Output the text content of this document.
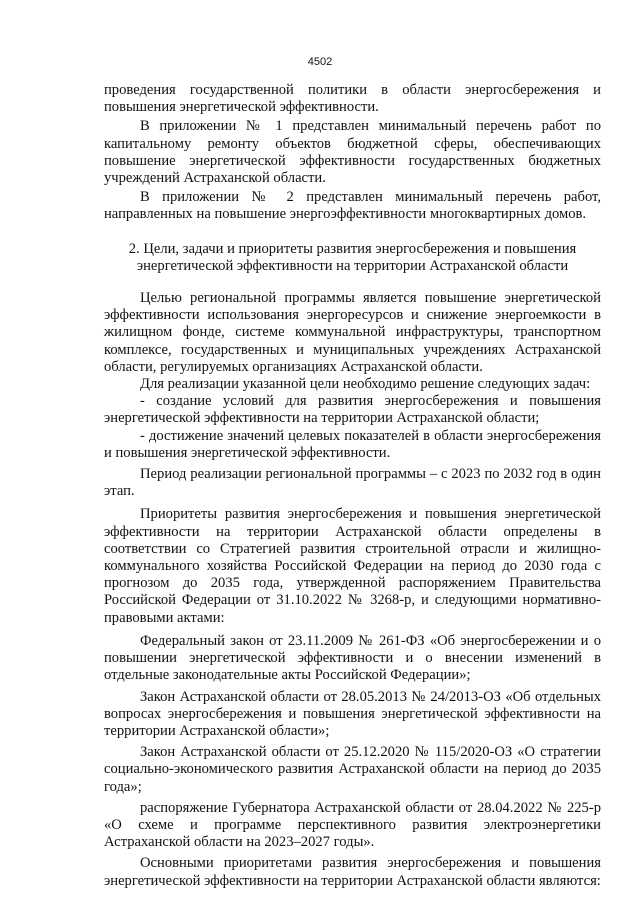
4502

проведения государственной политики в области энергосбережения и повышения энергетической эффективности.

В приложении № 1 представлен минимальный перечень работ по капитальному ремонту объектов бюджетной сферы, обеспечивающих повышение энергетической эффективности государственных бюджетных учреждений Астраханской области.

В приложении № 2 представлен минимальный перечень работ, направленных на повышение энергоэффективности многоквартирных домов.

2. Цели, задачи и приоритеты развития энергосбережения и повышения
энергетической эффективности на территории Астраханской области

Целью региональной программы является повышение энергетической эффективности использования энергоресурсов и снижение энергоемкости в жилищном фонде, системе коммунальной инфраструктуры, транспортном комплексе, государственных и муниципальных учреждениях Астраханской области, регулируемых организациях Астраханской области.

Для реализации указанной цели необходимо решение следующих задач:

- создание условий для развития энергосбережения и повышения энергетической эффективности на территории Астраханской области;

- достижение значений целевых показателей в области энергосбережения и повышения энергетической эффективности.

Период реализации региональной программы – с 2023 по 2032 год в один этап.

Приоритеты развития энергосбережения и повышения энергетической эффективности на территории Астраханской области определены в соответствии со Стратегией развития строительной отрасли и жилищно-коммунального хозяйства Российской Федерации на период до 2030 года с прогнозом до 2035 года, утвержденной распоряжением Правительства Российской Федерации от 31.10.2022 № 3268-р, и следующими нормативно-правовыми актами:

Федеральный закон от 23.11.2009 № 261-ФЗ «Об энергосбережении и о повышении энергетической эффективности и о внесении изменений в отдельные законодательные акты Российской Федерации»;

Закон Астраханской области от 28.05.2013 № 24/2013-ОЗ «Об отдельных вопросах энергосбережения и повышения энергетической эффективности на территории Астраханской области»;

Закон Астраханской области от 25.12.2020 № 115/2020-ОЗ «О стратегии социально-экономического развития Астраханской области на период до 2035 года»;

распоряжение Губернатора Астраханской области от 28.04.2022 № 225-р «О схеме и программе перспективного развития электроэнергетики Астраханской области на 2023–2027 годы».

Основными приоритетами развития энергосбережения и повышения энергетической эффективности на территории Астраханской области являются:
